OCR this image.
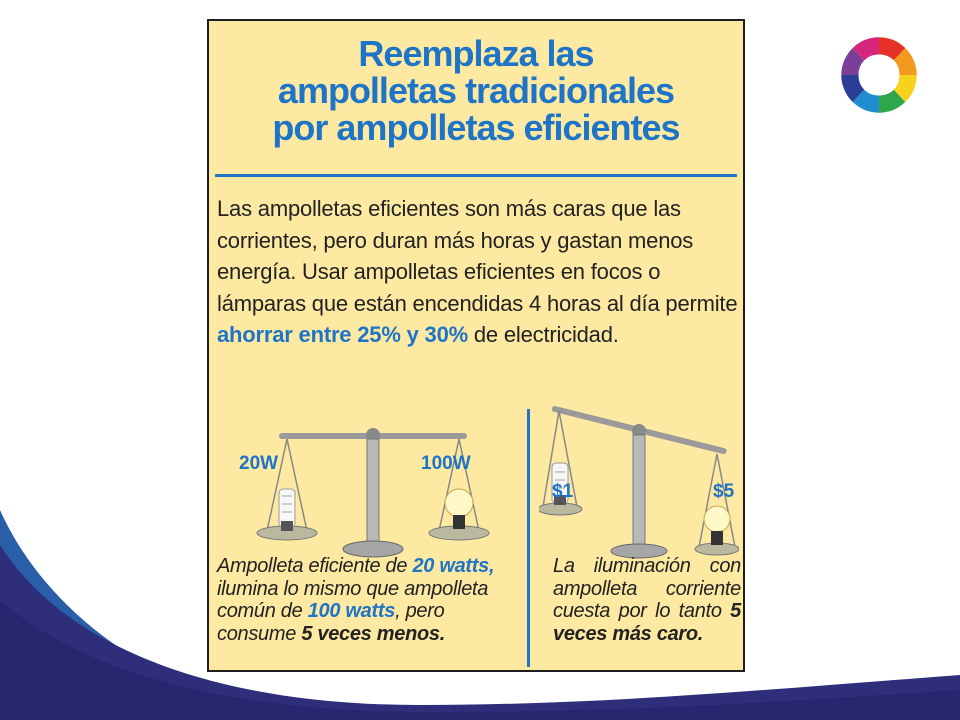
Reemplaza las
ampolletas tradicionales
por ampolletas eficientes
Las ampolletas eficientes son más caras que las corrientes, pero duran más horas y gastan menos energía. Usar ampolletas eficientes en focos o lámparas que están encendidas 4 horas al día permite ahorrar entre 25% y 30% de electricidad.
20W	100W
$1	$5
Ampolleta eficiente de 20 watts, ilumina lo mismo que ampolleta común de 100 watts, pero consume 5 veces menos.
La iluminación con ampolleta corriente cuesta por lo tanto 5 veces más caro.
